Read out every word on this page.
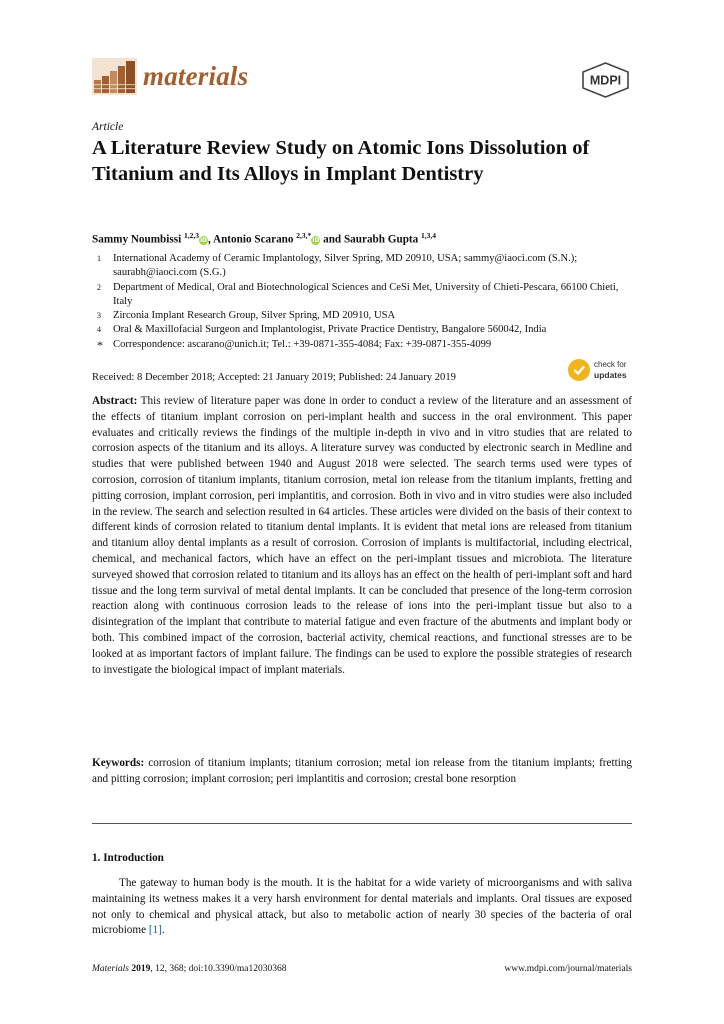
materials	MDPI
Article
A Literature Review Study on Atomic Ions Dissolution of Titanium and Its Alloys in Implant Dentistry
Sammy Noumbissi $^{1,2,3}$iD, Antonio Scarano $^{2,3,*}$iD and Saurabh Gupta $^{1,3,4}$
1	International Academy of Ceramic Implantology, Silver Spring, MD 20910, USA; sammy@iaoci.com (S.N.); saurabh@iaoci.com (S.G.)
2	Department of Medical, Oral and Biotechnological Sciences and CeSi Met, University of Chieti-Pescara, 66100 Chieti, Italy
3	Zirconia Implant Research Group, Silver Spring, MD 20910, USA
4	Oral & Maxillofacial Surgeon and Implantologist, Private Practice Dentistry, Bangalore 560042, India
* Correspondence: ascarano@unich.it; Tel.: +39-0871-355-4084; Fax: +39-0871-355-4099
Received: 8 December 2018; Accepted: 21 January 2019; Published: 24 January 2019
check for
updates

Abstract: This review of literature paper was done in order to conduct a review of the literature and an assessment of the effects of titanium implant corrosion on peri-implant health and success in the oral environment. This paper evaluates and critically reviews the findings of the multiple in-depth in vivo and in vitro studies that are related to corrosion aspects of the titanium and its alloys. A literature survey was conducted by electronic search in Medline and studies that were published between 1940 and August 2018 were selected. The search terms used were types of corrosion, corrosion of titanium implants, titanium corrosion, metal ion release from the titanium implants, fretting and pitting corrosion, implant corrosion, peri implantitis, and corrosion. Both in vivo and in vitro studies were also included in the review. The search and selection resulted in 64 articles. These articles were divided on the basis of their context to different kinds of corrosion related to titanium dental implants. It is evident that metal ions are released from titanium and titanium alloy dental implants as a result of corrosion. Corrosion of implants is multifactorial, including electrical, chemical, and mechanical factors, which have an effect on the peri-implant tissues and microbiota. The literature surveyed showed that corrosion related to titanium and its alloys has an effect on the health of peri-implant soft and hard tissue and the long term survival of metal dental implants. It can be concluded that presence of the long-term corrosion reaction along with continuous corrosion leads to the release of ions into the peri-implant tissue but also to a disintegration of the implant that contribute to material fatigue and even fracture of the abutments and implant body or both. This combined impact of the corrosion, bacterial activity, chemical reactions, and functional stresses are to be looked at as important factors of implant failure. The findings can be used to explore the possible strategies of research to investigate the biological impact of implant materials.

Keywords: corrosion of titanium implants; titanium corrosion; metal ion release from the titanium implants; fretting and pitting corrosion; implant corrosion; peri implantitis and corrosion; crestal bone resorption

1. Introduction

The gateway to human body is the mouth. It is the habitat for a wide variety of microorganisms and with saliva maintaining its wetness makes it a very harsh environment for dental materials and implants. Oral tissues are exposed not only to chemical and physical attack, but also to metabolic action of nearly 30 species of the bacteria of oral microbiome [1].

Materials 2019, 12, 368; doi:10.3390/ma12030368	www.mdpi.com/journal/materials
